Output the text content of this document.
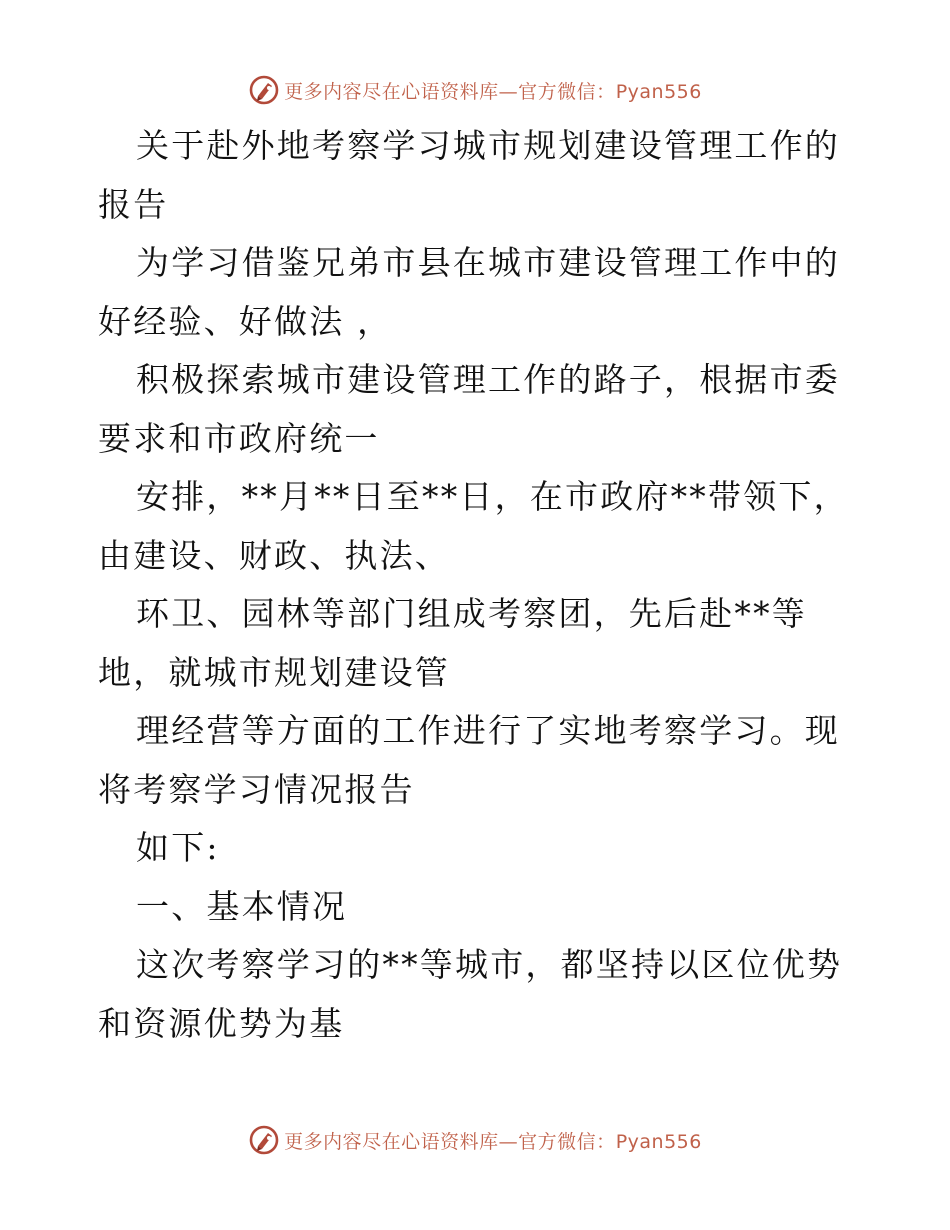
更多内容尽在心语资料库—官方微信：Pyan556

关于赴外地考察学习城市规划建设管理工作的报告

为学习借鉴兄弟市县在城市建设管理工作中的好经验、好做法 ，

积极探索城市建设管理工作的路子，根据市委要求和市政府统一

安排，**月**日至**日，在市政府**带领下，由建设、财政、执法、

环卫、园林等部门组成考察团，先后赴**等地，就城市规划建设管

理经营等方面的工作进行了实地考察学习。现将考察学习情况报告

如下:

一、基本情况

这次考察学习的**等城市，都坚持以区位优势和资源优势为基

更多内容尽在心语资料库—官方微信：Pyan556
